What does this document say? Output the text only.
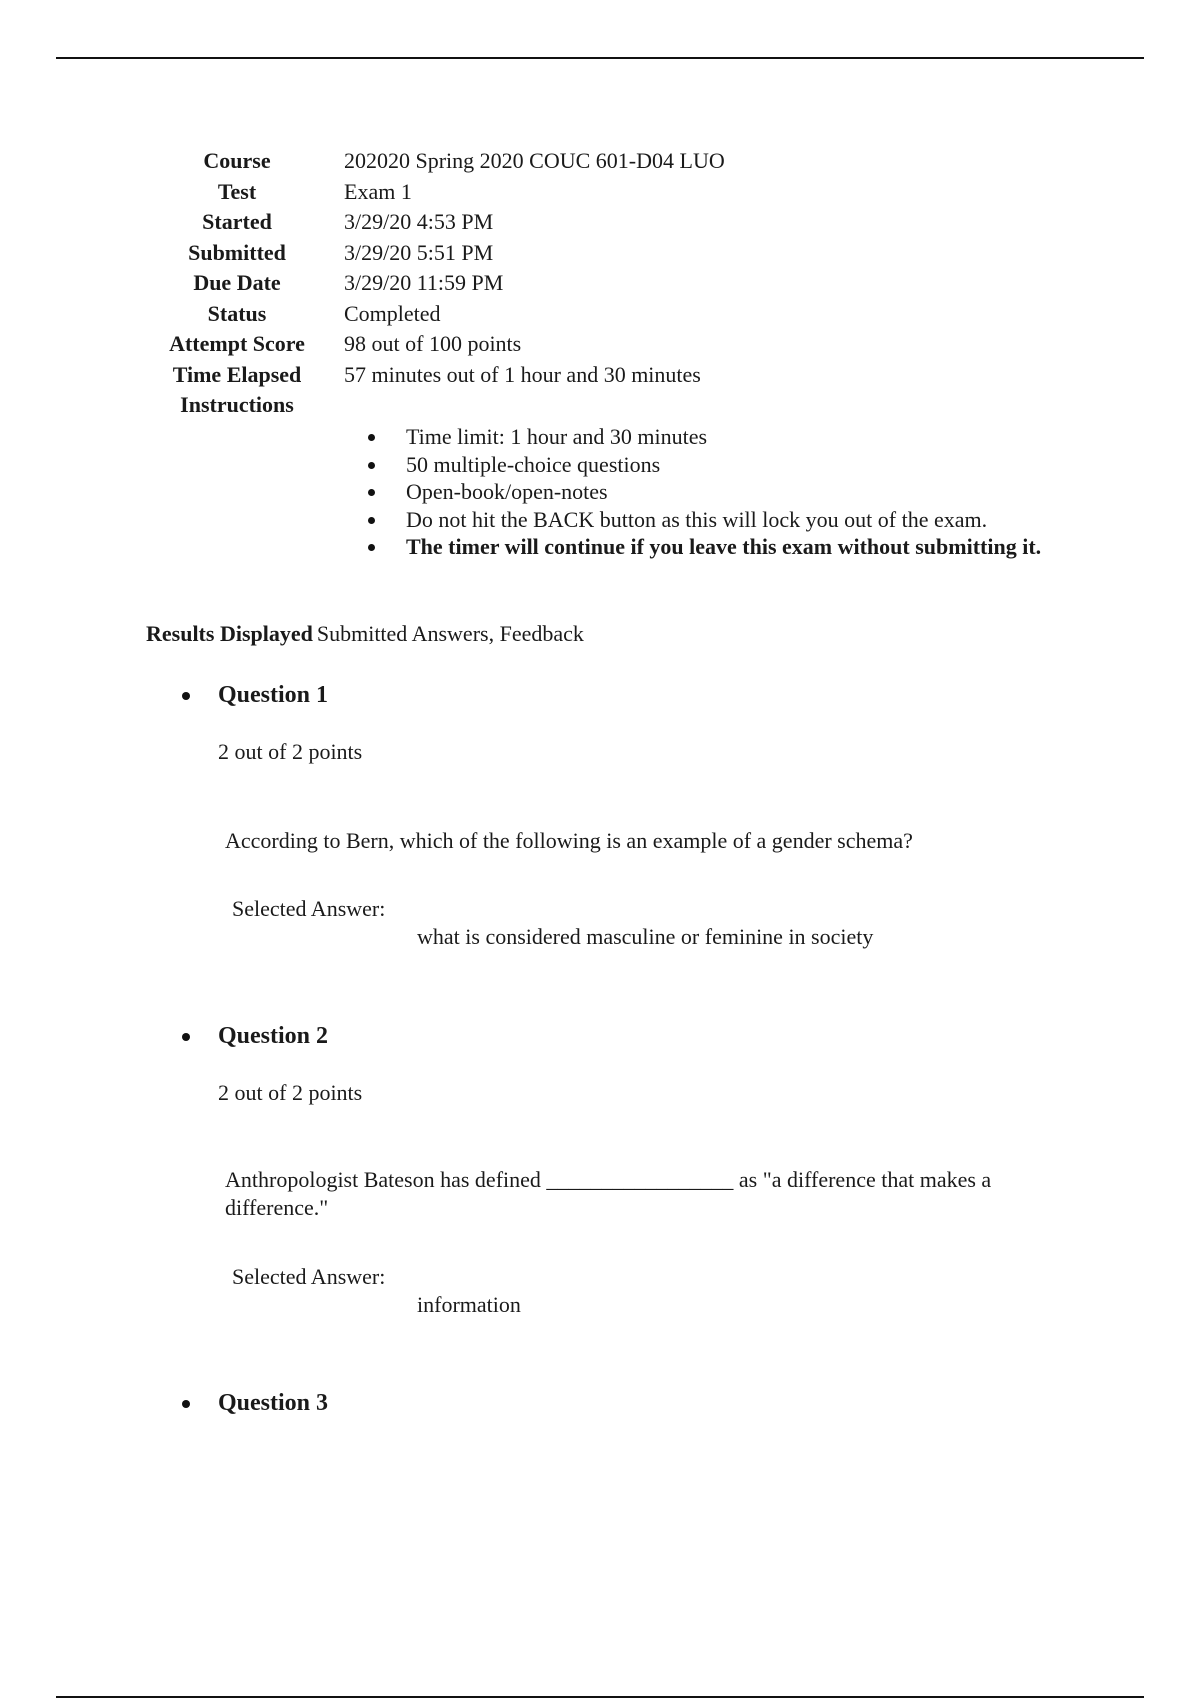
Course	202020 Spring 2020 COUC 601-D04 LUO
Test	Exam 1
Started	3/29/20 4:53 PM
Submitted	3/29/20 5:51 PM
Due Date	3/29/20 11:59 PM
Status	Completed
Attempt Score	98 out of 100 points
Time Elapsed	57 minutes out of 1 hour and 30 minutes
Instructions
Time limit: 1 hour and 30 minutes
50 multiple-choice questions
Open-book/open-notes
Do not hit the BACK button as this will lock you out of the exam.
The timer will continue if you leave this exam without submitting it.
Results Displayed Submitted Answers, Feedback
Question 1
2 out of 2 points
According to Bern, which of the following is an example of a gender schema?
Selected Answer:
what is considered masculine or feminine in society
Question 2
2 out of 2 points
Anthropologist Bateson has defined _________________ as "a difference that makes a difference."
Selected Answer:
information
Question 3
